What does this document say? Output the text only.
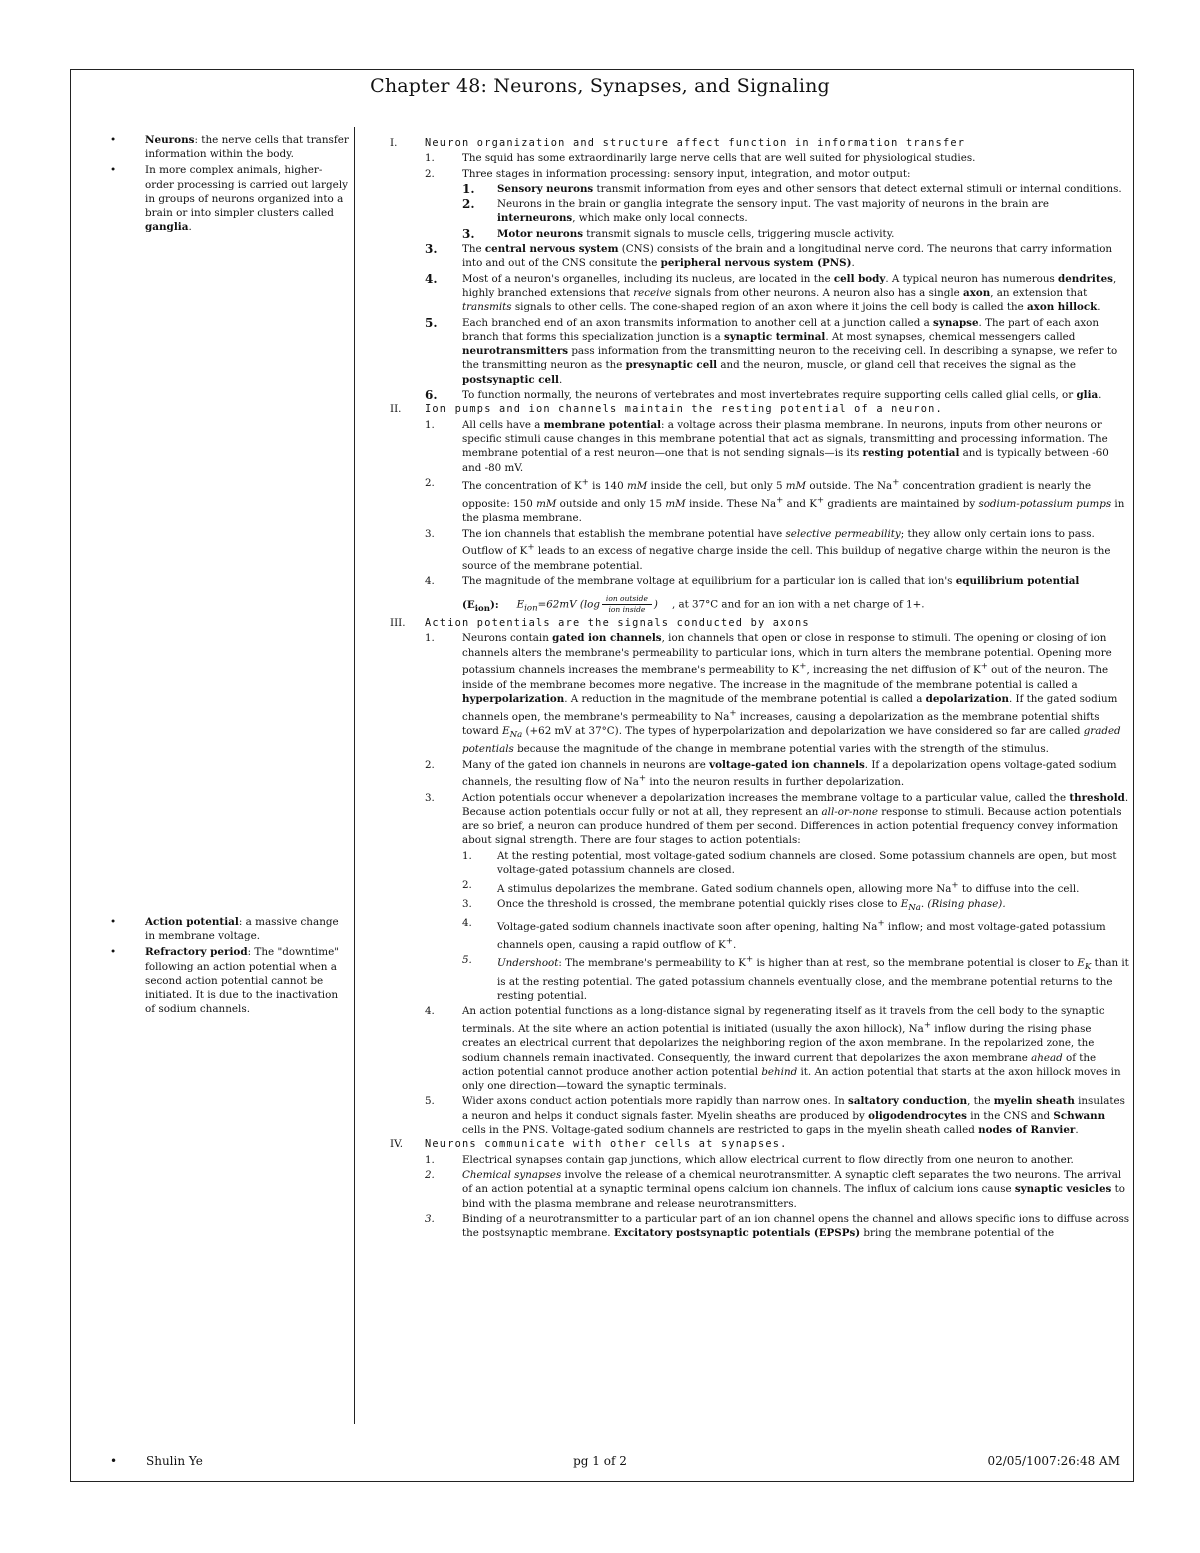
Chapter 48: Neurons, Synapses, and Signaling
•	Neurons: the nerve cells that transfer information within the body.
•	In more complex animals, higher-order processing is carried out largely in groups of neurons organized into a brain or into simpler clusters called ganglia.
•	Action potential: a massive change in membrane voltage.
•	Refractory period: The "downtime" following an action potential when a second action potential cannot be initiated. It is due to the inactivation of sodium channels.
I.	Neuron organization and structure affect function in information transfer
1.	The squid has some extraordinarily large nerve cells that are well suited for physiological studies.
2.	Three stages in information processing: sensory input, integration, and motor output:
1. Sensory neurons transmit information from eyes and other sensors that detect external stimuli or internal conditions.
2. Neurons in the brain or ganglia integrate the sensory input. The vast majority of neurons in the brain are interneurons, which make only local connects.
3. Motor neurons transmit signals to muscle cells, triggering muscle activity.
3. The central nervous system (CNS) consists of the brain and a longitudinal nerve cord. The neurons that carry information into and out of the CNS consitute the peripheral nervous system (PNS).
4. Most of a neuron's organelles, including its nucleus, are located in the cell body. A typical neuron has numerous dendrites, highly branched extensions that receive signals from other neurons. A neuron also has a single axon, an extension that transmits signals to other cells. The cone-shaped region of an axon where it joins the cell body is called the axon hillock.
5. Each branched end of an axon transmits information to another cell at a junction called a synapse. The part of each axon branch that forms this specialization junction is a synaptic terminal. At most synapses, chemical messengers called neurotransmitters pass information from the transmitting neuron to the receiving cell. In describing a synapse, we refer to the transmitting neuron as the presynaptic cell and the neuron, muscle, or gland cell that receives the signal as the postsynaptic cell.
6. To function normally, the neurons of vertebrates and most invertebrates require supporting cells called glial cells, or glia.
II. Ion pumps and ion channels maintain the resting potential of a neuron.
1.	All cells have a membrane potential: a voltage across their plasma membrane. In neurons, inputs from other neurons or specific stimuli cause changes in this membrane potential that act as signals, transmitting and processing information. The membrane potential of a rest neuron—one that is not sending signals—is its resting potential and is typically between -60 and -80 mV.
2.	The concentration of K+ is 140 mM inside the cell, but only 5 mM outside. The Na+ concentration gradient is nearly the opposite: 150 mM outside and only 15 mM inside. These Na+ and K+ gradients are maintained by sodium-potassium pumps in the plasma membrane.
3.	The ion channels that establish the membrane potential have selective permeability; they allow only certain ions to pass. Outflow of K+ leads to an excess of negative charge inside the cell. This buildup of negative charge within the neuron is the source of the membrane potential.
4.	The magnitude of the membrane voltage at equilibrium for a particular ion is called that ion's equilibrium potential
$(E_{ion})$: $E_{ion}=62mV$ ($\log \frac{\text{ion outside}}{\text{ion inside}}$ ) , at 37°C and for an ion with a net charge of 1+.
III. Action potentials are the signals conducted by axons
1.	Neurons contain gated ion channels, ion channels that open or close in response to stimuli. The opening or closing of ion channels alters the membrane's permeability to particular ions, which in turn alters the membrane potential. Opening more potassium channels increases the membrane's permeability to K+, increasing the net diffusion of K+ out of the neuron. The inside of the membrane becomes more negative. The increase in the magnitude of the membrane potential is called a hyperpolarization. A reduction in the magnitude of the membrane potential is called a depolarization. If the gated sodium channels open, the membrane's permeability to Na+ increases, causing a depolarization as the membrane potential shifts toward $E_{Na}$ (+62 mV at 37°C). The types of hyperpolarization and depolarization we have considered so far are called graded potentials because the magnitude of the change in membrane potential varies with the strength of the stimulus.
2.	Many of the gated ion channels in neurons are voltage-gated ion channels. If a depolarization opens voltage-gated sodium channels, the resulting flow of Na+ into the neuron results in further depolarization.
3.	Action potentials occur whenever a depolarization increases the membrane voltage to a particular value, called the threshold. Because action potentials occur fully or not at all, they represent an all-or-none response to stimuli. Because action potentials are so brief, a neuron can produce hundred of them per second. Differences in action potential frequency convey information about signal strength. There are four stages to action potentials:
1. At the resting potential, most voltage-gated sodium channels are closed. Some potassium channels are open, but most voltage-gated potassium channels are closed.
2. A stimulus depolarizes the membrane. Gated sodium channels open, allowing more Na+ to diffuse into the cell.
3. Once the threshold is crossed, the membrane potential quickly rises close to $E_{Na}$. (Rising phase).
4. Voltage-gated sodium channels inactivate soon after opening, halting Na+ inflow; and most voltage-gated potassium channels open, causing a rapid outflow of K+.
5. Undershoot: The membrane's permeability to K+ is higher than at rest, so the membrane potential is closer to $E_K$ than it is at the resting potential. The gated potassium channels eventually close, and the membrane potential returns to the resting potential.
4.	An action potential functions as a long-distance signal by regenerating itself as it travels from the cell body to the synaptic terminals. At the site where an action potential is initiated (usually the axon hillock), Na+ inflow during the rising phase creates an electrical current that depolarizes the neighboring region of the axon membrane. In the repolarized zone, the sodium channels remain inactivated. Consequently, the inward current that depolarizes the axon membrane ahead of the action potential cannot produce another action potential behind it. An action potential that starts at the axon hillock moves in only one direction—toward the synaptic terminals.
5.	Wider axons conduct action potentials more rapidly than narrow ones. In saltatory conduction, the myelin sheath insulates a neuron and helps it conduct signals faster. Myelin sheaths are produced by oligodendrocytes in the CNS and Schwann cells in the PNS. Voltage-gated sodium channels are restricted to gaps in the myelin sheath called nodes of Ranvier.
IV. Neurons communicate with other cells at synapses.
1.	Electrical synapses contain gap junctions, which allow electrical current to flow directly from one neuron to another.
2.	Chemical synapses involve the release of a chemical neurotransmitter. A synaptic cleft separates the two neurons. The arrival of an action potential at a synaptic terminal opens calcium ion channels. The influx of calcium ions cause synaptic vesicles to bind with the plasma membrane and release neurotransmitters.
3.	Binding of a neurotransmitter to a particular part of an ion channel opens the channel and allows specific ions to diffuse across the postsynaptic membrane. Excitatory postsynaptic potentials (EPSPs) bring the membrane potential of the
• Shulin Ye	pg 1 of 2	02/05/1007:26:48 AM
